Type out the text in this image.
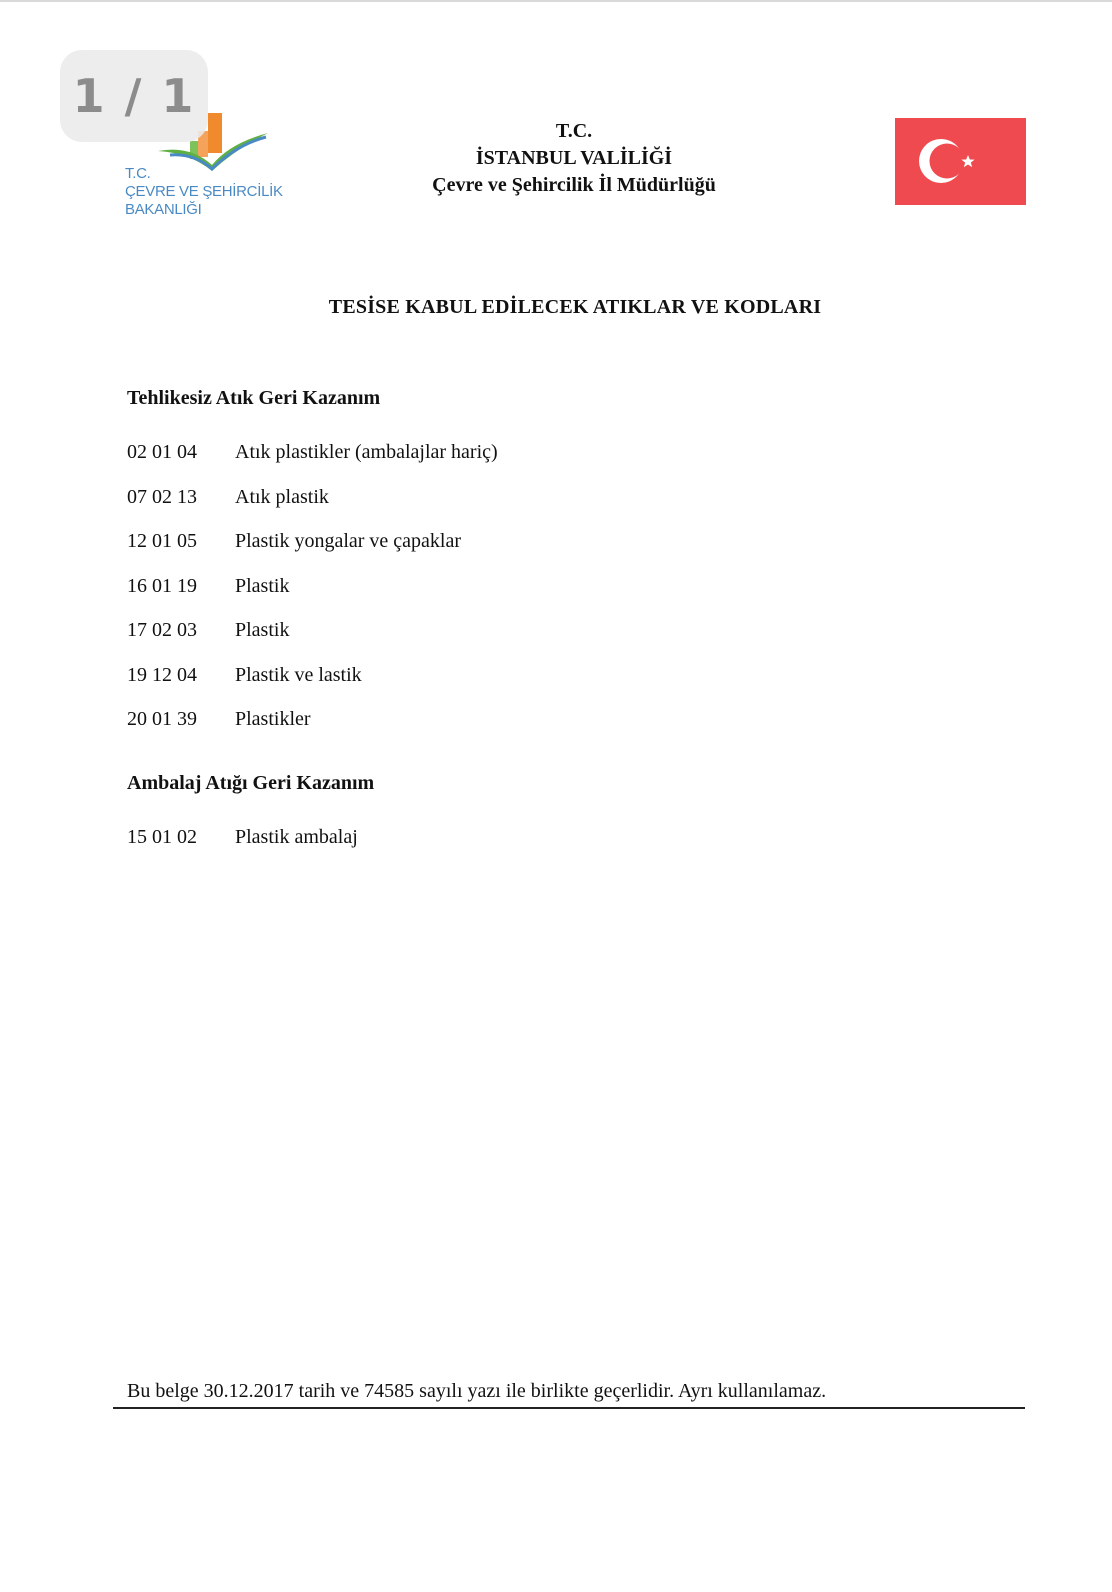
1 / 1
T.C.
ÇEVRE VE ŞEHİRCİLİK
BAKANLIĞI
T.C.
İSTANBUL VALİLİĞİ
Çevre ve Şehircilik İl Müdürlüğü
TESİSE KABUL EDİLECEK ATIKLAR VE KODLARI
Tehlikesiz Atık Geri Kazanım
02 01 04 Atık plastikler (ambalajlar hariç)
07 02 13 Atık plastik
12 01 05 Plastik yongalar ve çapaklar
16 01 19 Plastik
17 02 03 Plastik
19 12 04 Plastik ve lastik
20 01 39 Plastikler
Ambalaj Atığı Geri Kazanım
15 01 02 Plastik ambalaj
Bu belge 30.12.2017 tarih ve 74585 sayılı yazı ile birlikte geçerlidir. Ayrı kullanılamaz.
